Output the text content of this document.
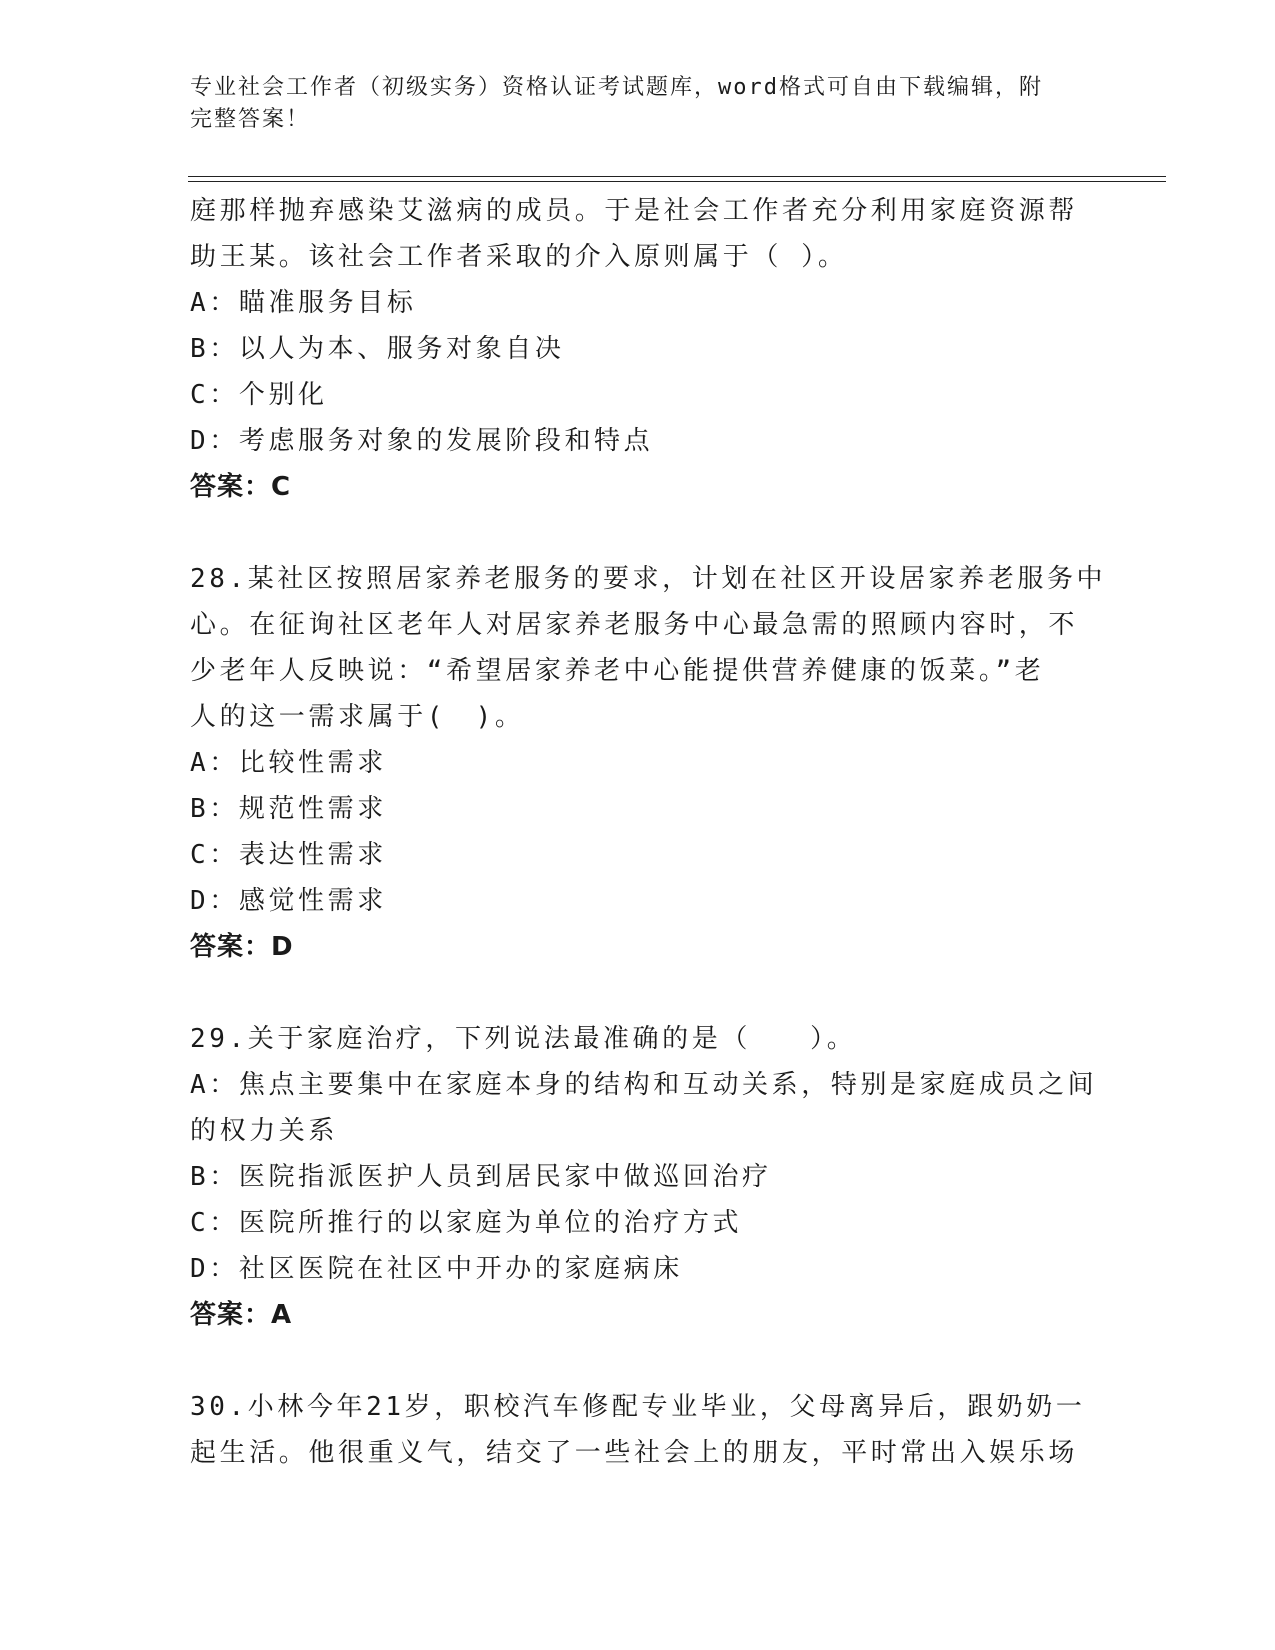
专业社会工作者（初级实务）资格认证考试题库，word格式可自由下载编辑，附
完整答案！
庭那样抛弃感染艾滋病的成员。于是社会工作者充分利用家庭资源帮
助王某。该社会工作者采取的介入原则属于（ ）。
A：瞄准服务目标
B：以人为本、服务对象自决
C：个别化
D：考虑服务对象的发展阶段和特点
答案：C
28.某社区按照居家养老服务的要求，计划在社区开设居家养老服务中
心。在征询社区老年人对居家养老服务中心最急需的照顾内容时，不
少老年人反映说：“希望居家养老中心能提供营养健康的饭菜。”老
人的这一需求属于(　)。
A：比较性需求
B：规范性需求
C：表达性需求
D：感觉性需求
答案：D
29.关于家庭治疗，下列说法最准确的是（　　）。
A：焦点主要集中在家庭本身的结构和互动关系，特别是家庭成员之间
的权力关系
B：医院指派医护人员到居民家中做巡回治疗
C：医院所推行的以家庭为单位的治疗方式
D：社区医院在社区中开办的家庭病床
答案：A
30.小林今年21岁，职校汽车修配专业毕业，父母离异后，跟奶奶一
起生活。他很重义气，结交了一些社会上的朋友，平时常出入娱乐场
